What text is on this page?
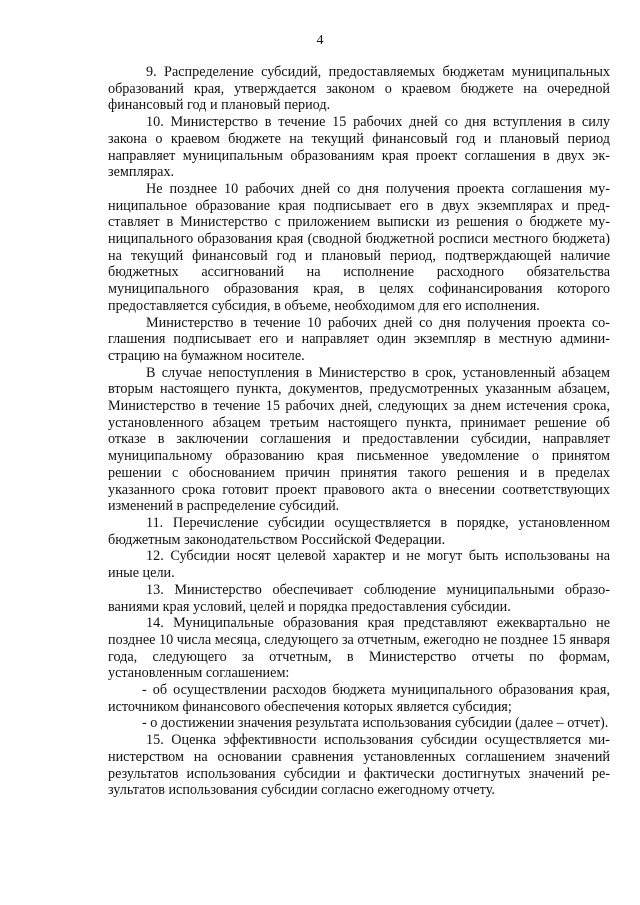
4

9. Распределение субсидий, предоставляемых бюджетам муниципальных образований края, утверждается законом о краевом бюджете на очередной финансовый год и плановый период.

10. Министерство в течение 15 рабочих дней со дня вступления в силу закона о краевом бюджете на текущий финансовый год и плановый период направляет муниципальным образованиям края проект соглашения в двух экземплярах.

Не позднее 10 рабочих дней со дня получения проекта соглашения муниципальное образование края подписывает его в двух экземплярах и представляет в Министерство с приложением выписки из решения о бюджете муниципального образования края (сводной бюджетной росписи местного бюджета) на текущий финансовый год и плановый период, подтверждающей наличие бюджетных ассигнований на исполнение расходного обязательства муниципального образования края, в целях софинансирования которого предоставляется субсидия, в объеме, необходимом для его исполнения.

Министерство в течение 10 рабочих дней со дня получения проекта соглашения подписывает его и направляет один экземпляр в местную администрацию на бумажном носителе.

В случае непоступления в Министерство в срок, установленный абзацем вторым настоящего пункта, документов, предусмотренных указанным абзацем, Министерство в течение 15 рабочих дней, следующих за днем истечения срока, установленного абзацем третьим настоящего пункта, принимает решение об отказе в заключении соглашения и предоставлении субсидии, направляет муниципальному образованию края письменное уведомление о принятом решении с обоснованием причин принятия такого решения и в пределах указанного срока готовит проект правового акта о внесении соответствующих изменений в распределение субсидий.

11. Перечисление субсидии осуществляется в порядке, установленном бюджетным законодательством Российской Федерации.

12. Субсидии носят целевой характер и не могут быть использованы на иные цели.

13. Министерство обеспечивает соблюдение муниципальными образованиями края условий, целей и порядка предоставления субсидии.

14. Муниципальные образования края представляют ежеквартально не позднее 10 числа месяца, следующего за отчетным, ежегодно не позднее 15 января года, следующего за отчетным, в Министерство отчеты по формам, установленным соглашением:

- об осуществлении расходов бюджета муниципального образования края, источником финансового обеспечения которых является субсидия;

- о достижении значения результата использования субсидии (далее – отчет).

15. Оценка эффективности использования субсидии осуществляется министерством на основании сравнения установленных соглашением значений результатов использования субсидии и фактически достигнутых значений результатов использования субсидии согласно ежегодному отчету.
